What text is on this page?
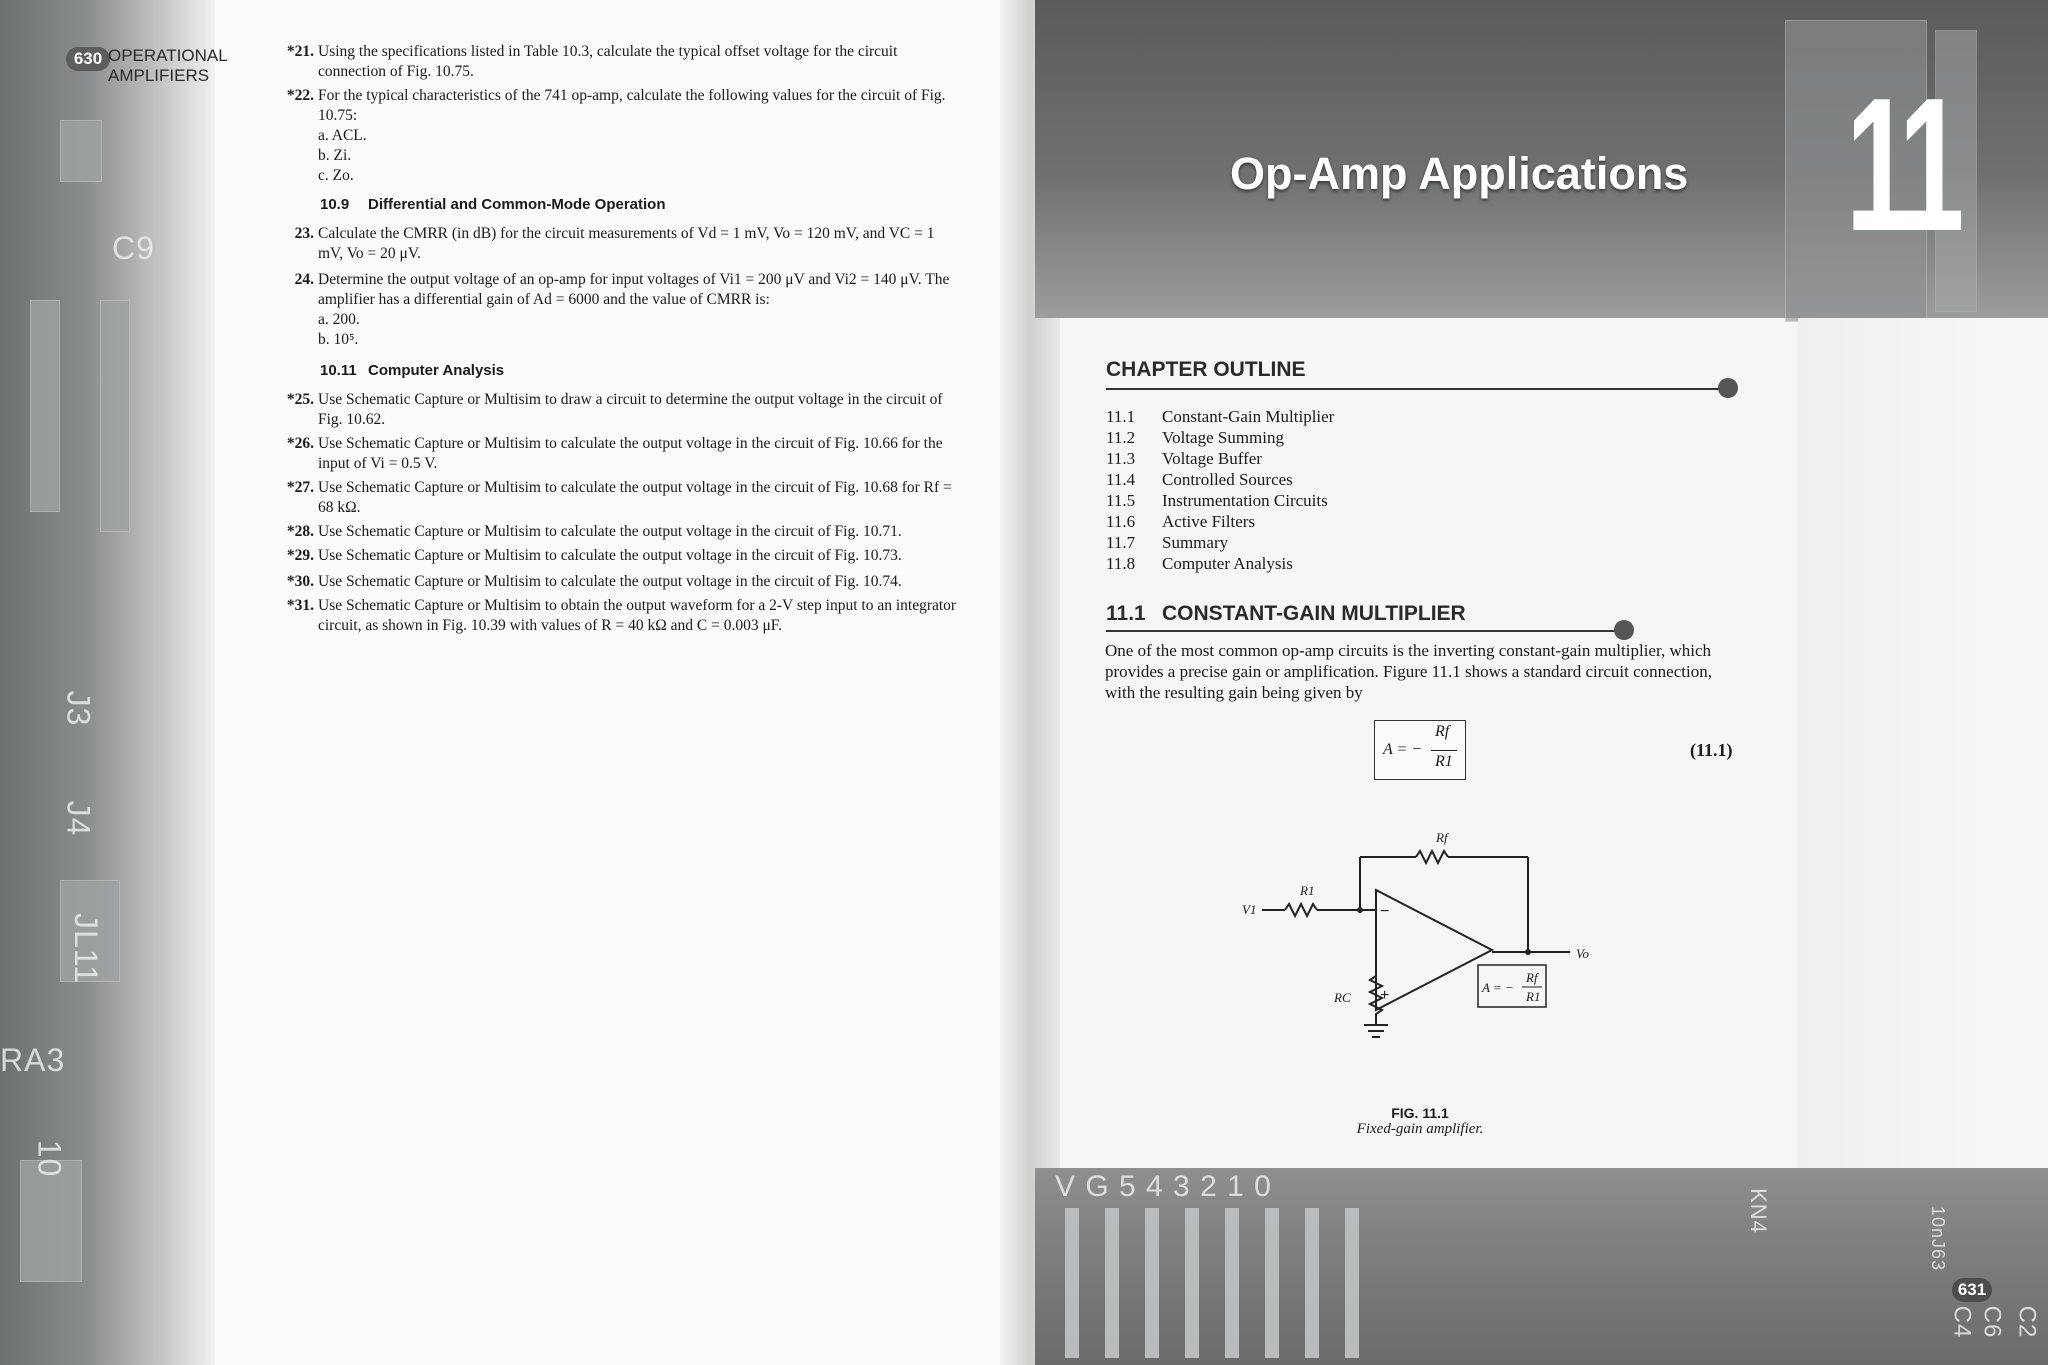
C9
J3
J4
JL11
RA3
10
630 OPERATIONAL
AMPLIFIERS
*21. Using the specifications listed in Table 10.3, calculate the typical offset voltage for the circuit connection of Fig. 10.75.
*22. For the typical characteristics of the 741 op-amp, calculate the following values for the circuit of Fig. 10.75:
a. ACL.
b. Zi.
c. Zo.
10.9 Differential and Common-Mode Operation
23. Calculate the CMRR (in dB) for the circuit measurements of Vd = 1 mV, Vo = 120 mV, and VC = 1 mV, Vo = 20 μV.
24. Determine the output voltage of an op-amp for input voltages of Vi1 = 200 μV and Vi2 = 140 μV. The amplifier has a differential gain of Ad = 6000 and the value of CMRR is:
a. 200.
b. 10⁵.
10.11 Computer Analysis
*25. Use Schematic Capture or Multisim to draw a circuit to determine the output voltage in the circuit of Fig. 10.62.
*26. Use Schematic Capture or Multisim to calculate the output voltage in the circuit of Fig. 10.66 for the input of Vi = 0.5 V.
*27. Use Schematic Capture or Multisim to calculate the output voltage in the circuit of Fig. 10.68 for Rf = 68 kΩ.
*28. Use Schematic Capture or Multisim to calculate the output voltage in the circuit of Fig. 10.71.
*29. Use Schematic Capture or Multisim to calculate the output voltage in the circuit of Fig. 10.73.
*30. Use Schematic Capture or Multisim to calculate the output voltage in the circuit of Fig. 10.74.
*31. Use Schematic Capture or Multisim to obtain the output waveform for a 2-V step input to an integrator circuit, as shown in Fig. 10.39 with values of R = 40 kΩ and C = 0.003 μF.
Op-Amp Applications 11
CHAPTER OUTLINE
11.1 Constant-Gain Multiplier
11.2 Voltage Summing
11.3 Voltage Buffer
11.4 Controlled Sources
11.5 Instrumentation Circuits
11.6 Active Filters
11.7 Summary
11.8 Computer Analysis
11.1 CONSTANT-GAIN MULTIPLIER
One of the most common op-amp circuits is the inverting constant-gain multiplier, which provides a precise gain or amplification. Figure 11.1 shows a standard circuit connection, with the resulting gain being given by
A = −
Rf
R1
(11.1)
Rf
R1
V1
Vo
RC
A = −
Rf
R1
−
+
FIG. 11.1
Fixed-gain amplifier.
V G 5 4 3 2 1 0
KN4	10nJ63
C6
C4 C2
631
